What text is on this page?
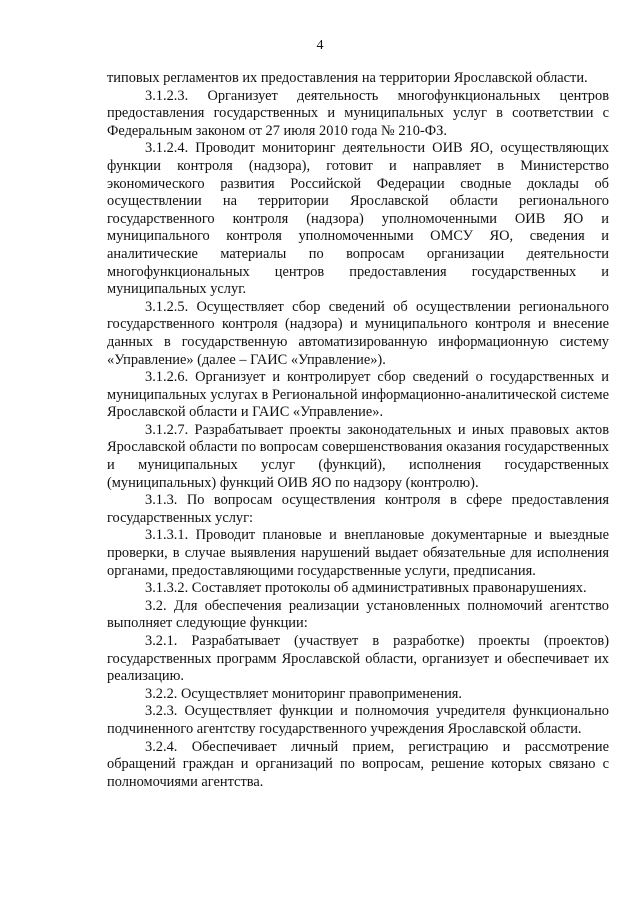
4

типовых регламентов их предоставления на территории Ярославской области.

3.1.2.3. Организует деятельность многофункциональных центров предоставления государственных и муниципальных услуг в соответствии с Федеральным законом от 27 июля 2010 года № 210-ФЗ.

3.1.2.4. Проводит мониторинг деятельности ОИВ ЯО, осуществляющих функции контроля (надзора), готовит и направляет в Министерство экономического развития Российской Федерации сводные доклады об осуществлении на территории Ярославской области регионального государственного контроля (надзора) уполномоченными ОИВ ЯО и муниципального контроля уполномоченными ОМСУ ЯО, сведения и аналитические материалы по вопросам организации деятельности многофункциональных центров предоставления государственных и муниципальных услуг.

3.1.2.5. Осуществляет сбор сведений об осуществлении регионального государственного контроля (надзора) и муниципального контроля и внесение данных в государственную автоматизированную информационную систему «Управление» (далее – ГАИС «Управление»).

3.1.2.6. Организует и контролирует сбор сведений о государственных и муниципальных услугах в Региональной информационно-аналитической системе Ярославской области и ГАИС «Управление».

3.1.2.7. Разрабатывает проекты законодательных и иных правовых актов Ярославской области по вопросам совершенствования оказания государственных и муниципальных услуг (функций), исполнения государственных (муниципальных) функций ОИВ ЯО по надзору (контролю).

3.1.3. По вопросам осуществления контроля в сфере предоставления государственных услуг:

3.1.3.1. Проводит плановые и внеплановые документарные и выездные проверки, в случае выявления нарушений выдает обязательные для исполнения органами, предоставляющими государственные услуги, предписания.

3.1.3.2. Составляет протоколы об административных правонарушениях.

3.2. Для обеспечения реализации установленных полномочий агентство выполняет следующие функции:

3.2.1. Разрабатывает (участвует в разработке) проекты (проектов) государственных программ Ярославской области, организует и обеспечивает их реализацию.

3.2.2. Осуществляет мониторинг правоприменения.

3.2.3. Осуществляет функции и полномочия учредителя функционально подчиненного агентству государственного учреждения Ярославской области.

3.2.4. Обеспечивает личный прием, регистрацию и рассмотрение обращений граждан и организаций по вопросам, решение которых связано с полномочиями агентства.
